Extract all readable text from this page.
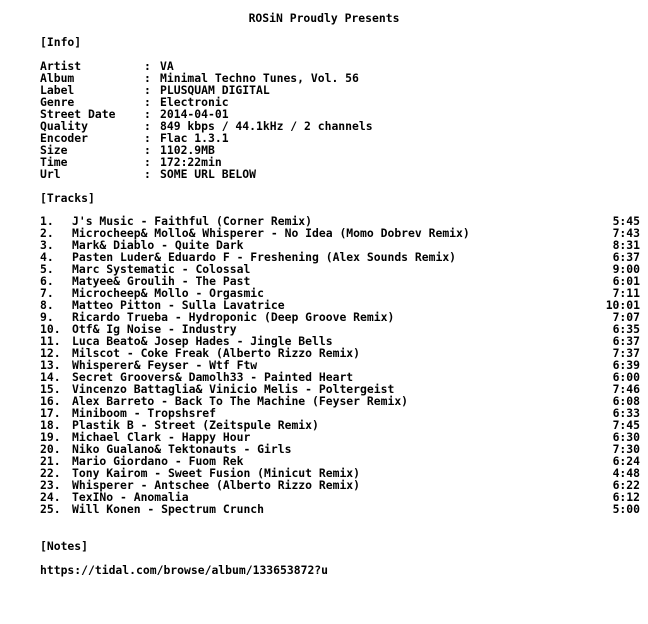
ROSiN Proudly Presents
[Info]
Artist	: VA
Album	: Minimal Techno Tunes, Vol. 56
Label	: PLUSQUAM DIGITAL
Genre	: Electronic
Street Date	: 2014-04-01
Quality	: 849 kbps / 44.1kHz / 2 channels
Encoder	: Flac 1.3.1
Size	: 1102.9MB
Time	: 172:22min
Url	: SOME URL BELOW
[Tracks]
1. J's Music - Faithful (Corner Remix)	5:45
2. Microcheep& Mollo& Whisperer - No Idea (Momo Dobrev Remix)	7:43
3. Mark& Diablo - Quite Dark	8:31
4. Pasten Luder& Eduardo F - Freshening (Alex Sounds Remix)	6:37
5. Marc Systematic - Colossal	9:00
6. Matyee& Groulih - The Past	6:01
7. Microcheep& Mollo - Orgasmic	7:11
8. Matteo Pitton - Sulla Lavatrice	10:01
9. Ricardo Trueba - Hydroponic (Deep Groove Remix)	7:07
10. Otf& Ig Noise - Industry	6:35
11. Luca Beato& Josep Hades - Jingle Bells	6:37
12. Milscot - Coke Freak (Alberto Rizzo Remix)	7:37
13. Whisperer& Feyser - Wtf Ftw	6:39
14. Secret Groovers& Damolh33 - Painted Heart	6:00
15. Vincenzo Battaglia& Vinicio Melis - Poltergeist	7:46
16. Alex Barreto - Back To The Machine (Feyser Remix)	6:08
17. Miniboom - Tropshsref	6:33
18. Plastik B - Street (Zeitspule Remix)	7:45
19. Michael Clark - Happy Hour	6:30
20. Niko Gualano& Tektonauts - Girls	7:30
21. Mario Giordano - Fuom Rek	6:24
22. Tony Kairom - Sweet Fusion (Minicut Remix)	4:48
23. Whisperer - Antschee (Alberto Rizzo Remix)	6:22
24. TexINo - Anomalia	6:12
25. Will Konen - Spectrum Crunch	5:00
[Notes]
https://tidal.com/browse/album/133653872?u
